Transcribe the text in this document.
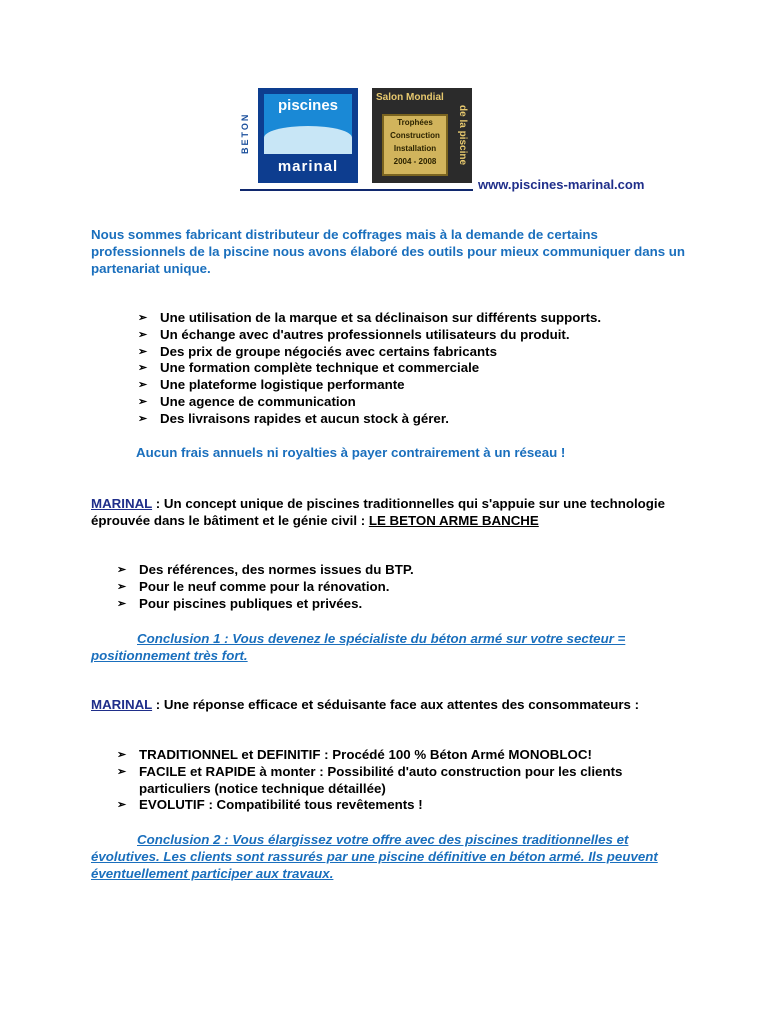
BETON
piscines
marinal
Salon Mondial
de la piscine
Trophées
Construction
Installation
2004 - 2008
www.piscines-marinal.com
Nous sommes fabricant distributeur de coffrages mais à la demande de certains professionnels de la piscine nous avons élaboré des outils pour mieux communiquer dans un partenariat unique.
➢ Une utilisation de la marque et sa déclinaison sur différents supports.
➢ Un échange avec d'autres professionnels utilisateurs du produit.
➢ Des prix de groupe négociés avec certains fabricants
➢ Une formation complète technique et commerciale
➢ Une plateforme logistique performante
➢ Une agence de communication
➢ Des livraisons rapides et aucun stock à gérer.
Aucun frais annuels ni royalties à payer contrairement à un réseau !
MARINAL : Un concept unique de piscines traditionnelles qui s'appuie sur une technologie éprouvée dans le bâtiment et le génie civil : LE BETON ARME BANCHE
➢ Des références, des normes issues du BTP.
➢ Pour le neuf comme pour la rénovation.
➢ Pour piscines publiques et privées.
Conclusion 1 : Vous devenez le spécialiste du béton armé sur votre secteur = positionnement très fort.
MARINAL : Une réponse efficace et séduisante face aux attentes des consommateurs :
➢ TRADITIONNEL et DEFINITIF : Procédé 100 % Béton Armé MONOBLOC!
➢ FACILE et RAPIDE à monter : Possibilité d'auto construction pour les clients particuliers (notice technique détaillée)
➢ EVOLUTIF : Compatibilité tous revêtements !
Conclusion 2 : Vous élargissez votre offre avec des piscines traditionnelles et évolutives. Les clients sont rassurés par une piscine définitive en béton armé. Ils peuvent éventuellement participer aux travaux.
